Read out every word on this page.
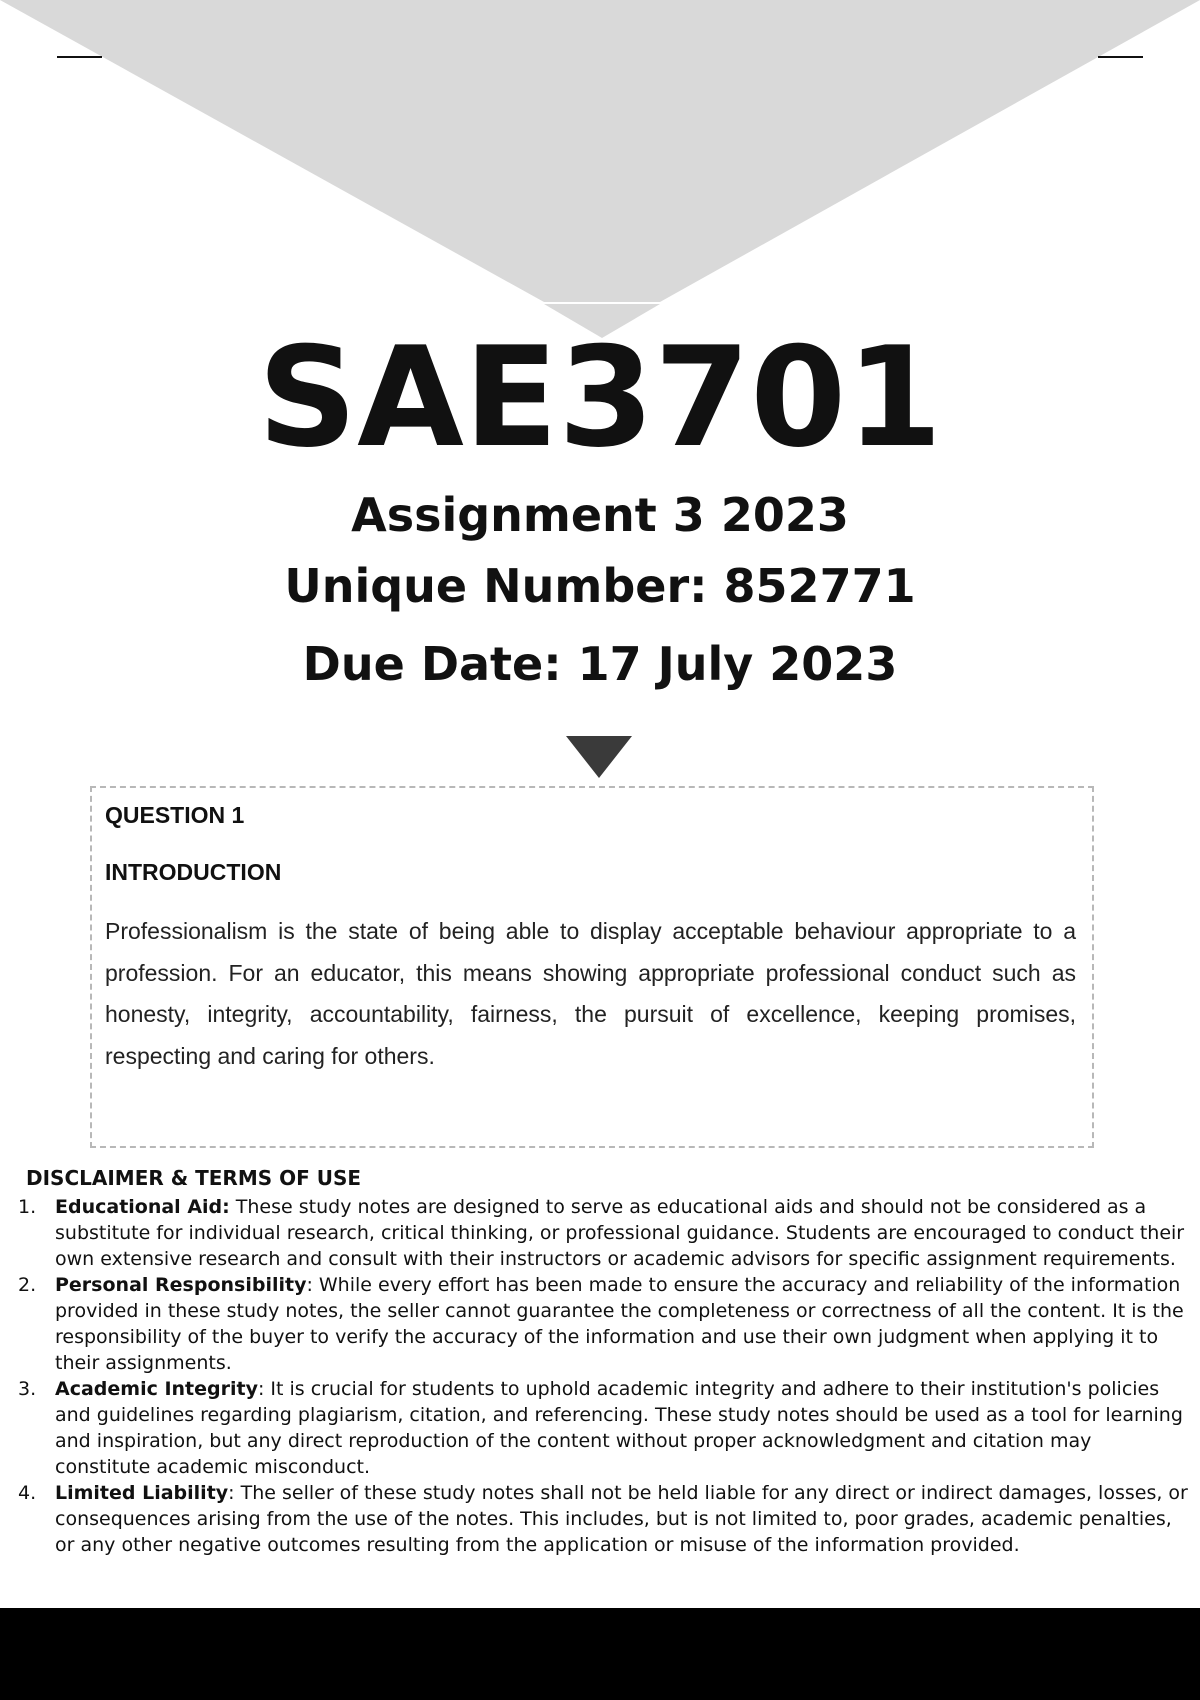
SAE3701
Assignment 3 2023
Unique Number: 852771
Due Date: 17 July 2023

QUESTION 1

INTRODUCTION

Professionalism is the state of being able to display acceptable behaviour appropriate to a profession. For an educator, this means showing appropriate professional conduct such as honesty, integrity, accountability, fairness, the pursuit of excellence, keeping promises, respecting and caring for others.

DISCLAIMER & TERMS OF USE
1. Educational Aid: These study notes are designed to serve as educational aids and should not be considered as a substitute for individual research, critical thinking, or professional guidance. Students are encouraged to conduct their own extensive research and consult with their instructors or academic advisors for specific assignment requirements.
2. Personal Responsibility: While every effort has been made to ensure the accuracy and reliability of the information provided in these study notes, the seller cannot guarantee the completeness or correctness of all the content. It is the responsibility of the buyer to verify the accuracy of the information and use their own judgment when applying it to their assignments.
3. Academic Integrity: It is crucial for students to uphold academic integrity and adhere to their institution's policies and guidelines regarding plagiarism, citation, and referencing. These study notes should be used as a tool for learning and inspiration, but any direct reproduction of the content without proper acknowledgment and citation may constitute academic misconduct.
4. Limited Liability: The seller of these study notes shall not be held liable for any direct or indirect damages, losses, or consequences arising from the use of the notes. This includes, but is not limited to, poor grades, academic penalties, or any other negative outcomes resulting from the application or misuse of the information provided.
